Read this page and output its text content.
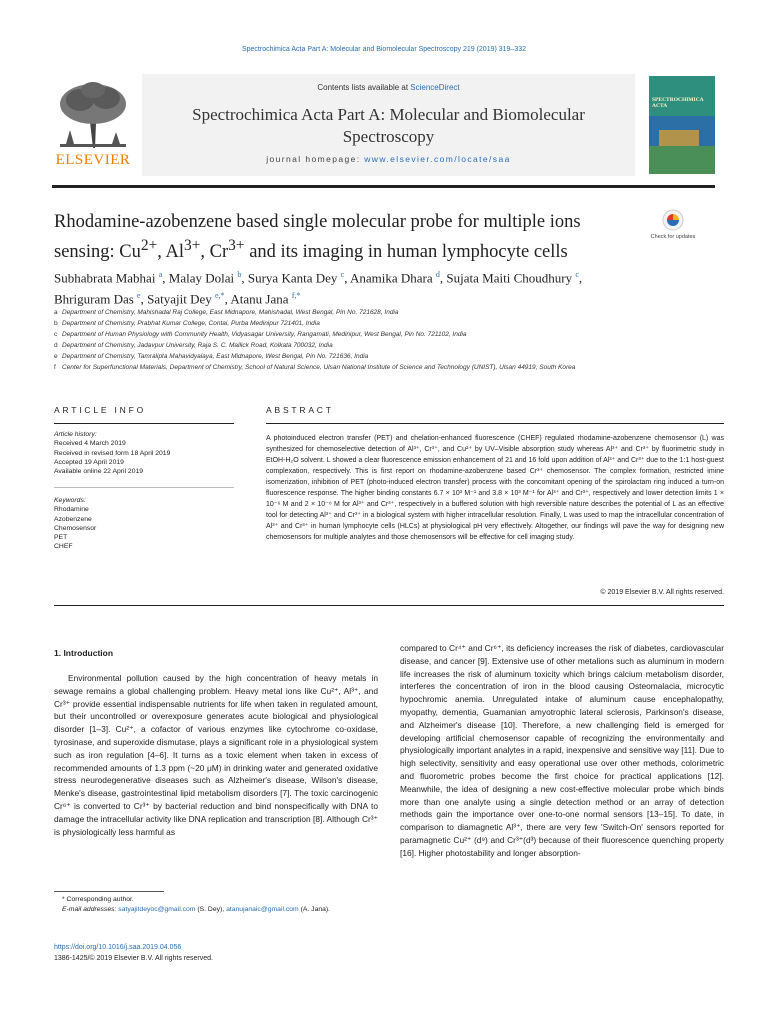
Spectrochimica Acta Part A: Molecular and Biomolecular Spectroscopy 219 (2019) 319–332
ELSEVIER
Contents lists available at ScienceDirect
Spectrochimica Acta Part A: Molecular and Biomolecular Spectroscopy
journal homepage: www.elsevier.com/locate/saa
SPECTROCHIMICA ACTA
Rhodamine-azobenzene based single molecular probe for multiple ions
sensing: $Cu^{2+}$, $Al^{3+}$, $Cr^{3+}$ and its imaging in human lymphocyte cells
Check for updates
Subhabrata Mabhai $^a$, Malay Dolai $^b$, Surya Kanta Dey $^c$, Anamika Dhara $^d$, Sujata Maiti Choudhury $^c$,
Bhriguram Das $^e$, Satyajit Dey $^{e,*}$, Atanu Jana $^{f,*}$
a Department of Chemistry, Mahishadal Raj College, East Midnapore, Mahishadal, West Bengal, Pin No. 721628, India
b Department of Chemistry, Prabhat Kumar College, Contai, Purba Medinipur 721401, India
c Department of Human Physiology with Community Health, Vidyasagar University, Rangamati, Medinipur, West Bengal, Pin No. 721102, India
d Department of Chemistry, Jadavpur University, Raja S. C. Mallick Road, Kolkata 700032, India
e Department of Chemistry, Tamralipta Mahavidyalaya, East Midnapore, West Bengal, Pin No. 721636, India
f Center for Superfunctional Materials, Department of Chemistry, School of Natural Science, Ulsan National Institute of Science and Technology (UNIST), Ulsan 44919, South Korea
ARTICLE INFO	ABSTRACT
Article history:
Received 4 March 2019
Received in revised form 18 April 2019
Accepted 19 April 2019
Available online 22 April 2019
Keywords:
Rhodamine
Azobenzene
Chemosensor
PET
CHEF
A photoinduced electron transfer (PET) and chelation-enhanced fluorescence (CHEF) regulated rhodamine-azobenzene chemosensor (L) was synthesized for chemoselective detection of Al³⁺, Cr³⁺, and Cu²⁺ by UV–Visible absorption study whereas Al³⁺ and Cr³⁺ by fluorimetric study in EtOH-H₂O solvent. L showed a clear fluorescence emission enhancement of 21 and 16 fold upon addition of Al³⁺ and Cr³⁺ due to the 1:1 host-guest complexation, respectively. This is first report on rhodamine-azobenzene based Cr³⁺ chemosensor. The complex formation, restricted imine isomerization, inhibition of PET (photo-induced electron transfer) process with the concomitant opening of the spirolactam ring induced a turn-on fluorescence response. The higher binding constants 6.7 × 10³ M⁻¹ and 3.8 × 10³ M⁻¹ for Al³⁺ and Cr³⁺, respectively and lower detection limits 1 × 10⁻⁶ M and 2 × 10⁻⁶ M for Al³⁺ and Cr³⁺, respectively in a buffered solution with high reversible nature describes the potential of L as an effective tool for detecting Al³⁺ and Cr³⁺ in a biological system with higher intracellular resolution. Finally, L was used to map the intracellular concentration of Al³⁺ and Cr³⁺ in human lymphocyte cells (HLCs) at physiological pH very effectively. Altogether, our findings will pave the way for designing new chemosensors for multiple analytes and those chemosensors will be effective for cell imaging study.
© 2019 Elsevier B.V. All rights reserved.
1. Introduction

Environmental pollution caused by the high concentration of heavy metals in sewage remains a global challenging problem. Heavy metal ions like Cu²⁺, Al³⁺, and Cr³⁺ provide essential indispensable nutrients for life when taken in regulated amount, but their uncontrolled or overexposure generates acute biological and physiological disorder [1–3]. Cu²⁺, a cofactor of various enzymes like cytochrome co-oxidase, tyrosinase, and superoxide dismutase, plays a significant role in a physiological system such as iron regulation [4–6]. It turns as a toxic element when taken in excess of recommended amounts of 1.3 ppm (~20 μM) in drinking water and generated oxidative stress neurodegenerative diseases such as Alzheimer's disease, Wilson's disease, Menke's disease, gastrointestinal lipid metabolism disorders [7]. The toxic carcinogenic Cr⁶⁺ is converted to Cr³⁺ by bacterial reduction and bind nonspecifically with DNA to damage the intracellular activity like DNA replication and transcription [8]. Although Cr³⁺ is physiologically less harmful as

compared to Cr⁴⁺ and Cr⁶⁺, its deficiency increases the risk of diabetes, cardiovascular disease, and cancer [9]. Extensive use of other metalions such as aluminum in modern life increases the risk of aluminum toxicity which brings calcium metabolism disorder, interferes the concentration of iron in the blood causing Osteomalacia, microcytic hypochromic anemia. Unregulated intake of aluminum cause encephalopathy, myopathy, dementia, Guamanian amyotrophic lateral sclerosis, Parkinson's disease, and Alzheimer's disease [10]. Therefore, a new challenging field is emerged for developing artificial chemosensor capable of recognizing the environmentally and physiologically important analytes in a rapid, inexpensive and sensitive way [11]. Due to high selectivity, sensitivity and easy operational use over other methods, colorimetric and fluorometric probes become the first choice for practical applications [12]. Meanwhile, the idea of designing a new cost-effective molecular probe which binds more than one analyte using a single detection method or an array of detection methods gain the importance over one-to-one normal sensors [13–15]. To date, in comparison to diamagnetic Al³⁺, there are very few 'Switch-On' sensors reported for paramagnetic Cu²⁺ (d⁹) and Cr³⁺(d³) because of their fluorescence quenching property [16]. Higher photostability and longer absorption-

* Corresponding author.
E-mail addresses: satyajitdeyoc@gmail.com (S. Dey), atanujanaic@gmail.com (A. Jana).
https://doi.org/10.1016/j.saa.2019.04.056
1386-1425/© 2019 Elsevier B.V. All rights reserved.
